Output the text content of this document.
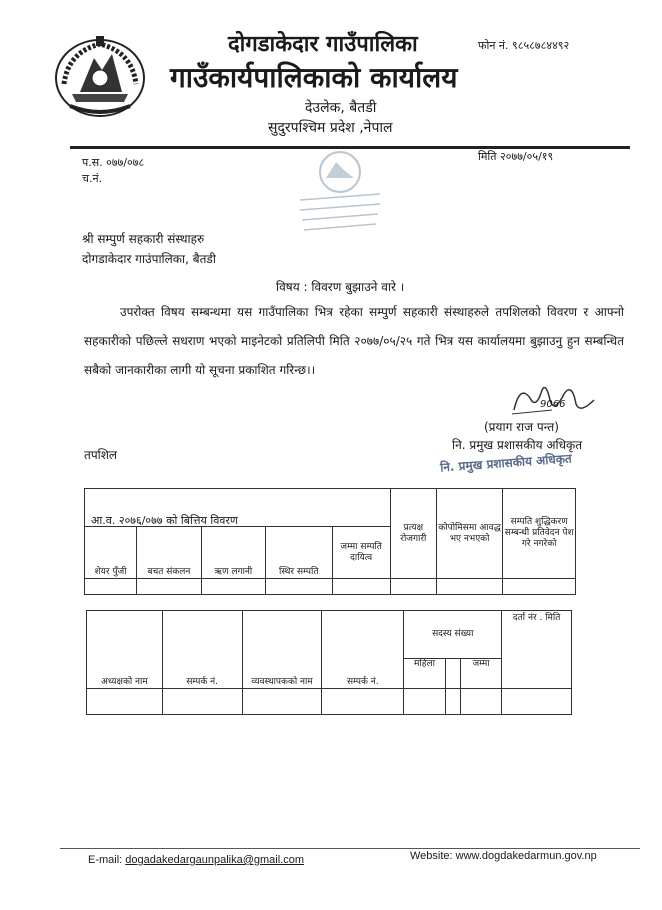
दोगडाकेदार गाउँपालिका
गाउँकार्यपालिकाको कार्यालय
देउलेक, बैतडी
सुदुरपश्चिम प्रदेश ,नेपाल
फोन नं. ९८५८७८४४९२
प.स. ०७७/०७८
च.नं.
मिति २०७७/०५/१९
श्री सम्पुर्ण सहकारी संस्थाहरु
दोगडाकेदार गाउंपालिका, बैतडी
विषय : विवरण बुझाउने वारे ।
उपरोक्त विषय सम्बन्धमा यस गाउँपालिका भित्र रहेका सम्पुर्ण सहकारी संस्थाहरुले तपशिलको विवरण र आफ्नो सहकारीको पछिल्ले सधराण भएको माइनेटको प्रतिलिपी मिति २०७७/०५/२५ गते भित्र यस कार्यालयमा बुझाउनु हुन सम्बन्धित सबैको जानकारीका लागी यो सूचना प्रकाशित गरिन्छ।।
9066
(प्रयाग राज पन्त)
नि. प्रमुख प्रशासकीय अधिकृत
नि. प्रमुख प्रशासकीय अधिकृत
तपशिल
आ.व. २०७६/०७७ को बित्तिय विवरण					प्रत्यक्ष रोजगारी	कोपोमिसमा आवद्ध भए नभएको	सम्पति शुद्धिकरण सम्बन्धी प्रतिवेदन पेश गरे नगरेको
शेयर पुँजी	बचत संकलन	ऋण लगानी	स्थिर सम्पति	जम्मा सम्पति दायित्व			

अध्यक्षको नाम	सम्पर्क नं.	व्यवस्थापकको नाम	सम्पर्क नं.	सदस्य संख्या			दर्ता नंर . मिति
				महिला		जम्मा	

E-mail: dogadakedargaunpalika@gmail.com	Website: www.dogdakedarmun.gov.np
